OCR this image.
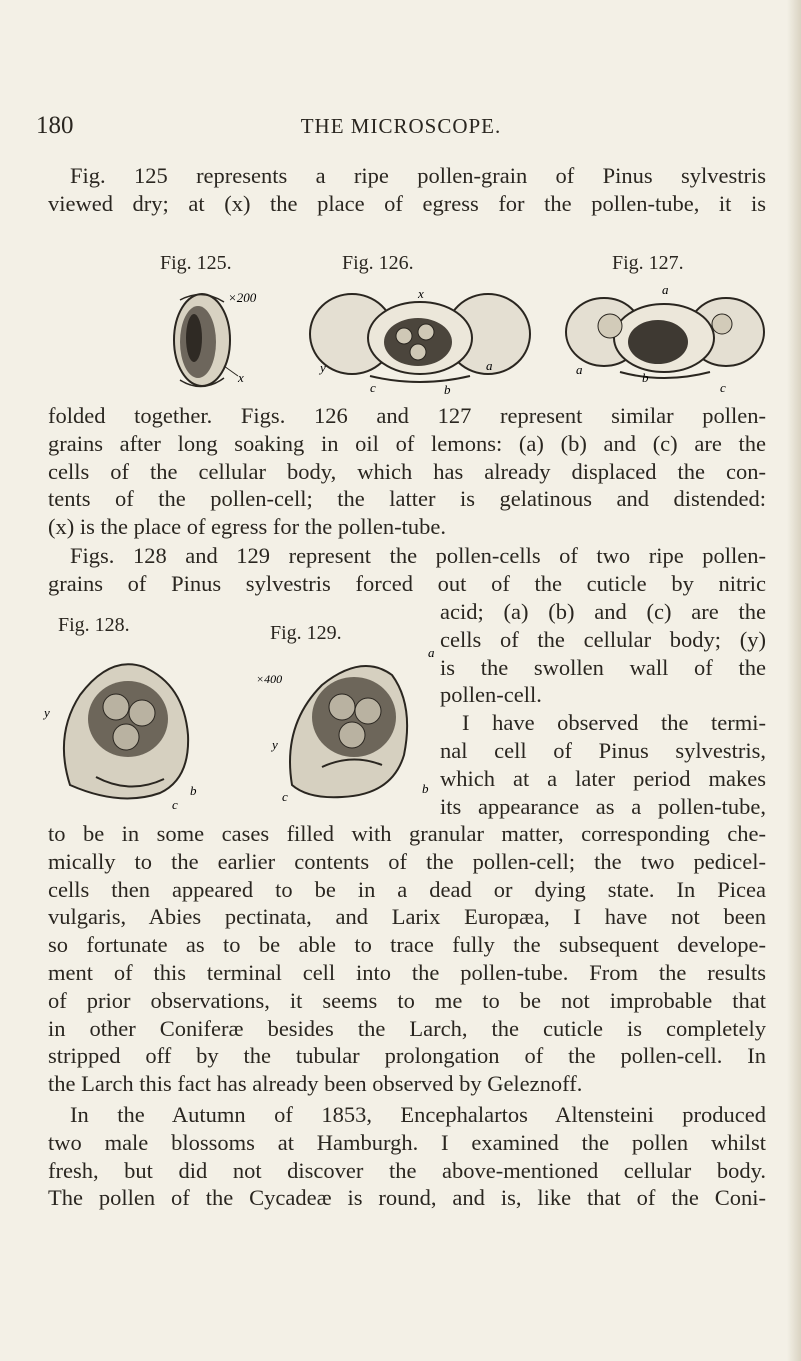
180	THE MICROSCOPE.
Fig. 125 represents a ripe pollen-grain of Pinus sylvestris
viewed dry; at (x) the place of egress for the pollen-tube, it is
Fig. 125.	Fig. 126.	Fig. 127.
×200
x
x
y	a
b
c
a
a
b
c
folded together. Figs. 126 and 127 represent similar pollen-
grains after long soaking in oil of lemons: (a) (b) and (c) are the
cells of the cellular body, which has already displaced the con-
tents of the pollen-cell; the latter is gelatinous and distended:
(x) is the place of egress for the pollen-tube.
Figs. 128 and 129 represent the pollen-cells of two ripe pollen-
grains of Pinus sylvestris forced out of the cuticle by nitric
Fig. 128.	Fig. 129.
y
b
c
×400
y
a
b
c
acid; (a) (b) and (c) are the
cells of the cellular body; (y)
is the swollen wall of the
pollen-cell.
I have observed the termi-
nal cell of Pinus sylvestris,
which at a later period makes
its appearance as a pollen-tube,
to be in some cases filled with granular matter, corresponding che-
mically to the earlier contents of the pollen-cell; the two pedicel-
cells then appeared to be in a dead or dying state. In Picea
vulgaris, Abies pectinata, and Larix Europæa, I have not been
so fortunate as to be able to trace fully the subsequent develope-
ment of this terminal cell into the pollen-tube. From the results
of prior observations, it seems to me to be not improbable that
in other Coniferæ besides the Larch, the cuticle is completely
stripped off by the tubular prolongation of the pollen-cell. In
the Larch this fact has already been observed by Geleznoff.
In the Autumn of 1853, Encephalartos Altensteini produced
two male blossoms at Hamburgh. I examined the pollen whilst
fresh, but did not discover the above-mentioned cellular body.
The pollen of the Cycadeæ is round, and is, like that of the Coni-
